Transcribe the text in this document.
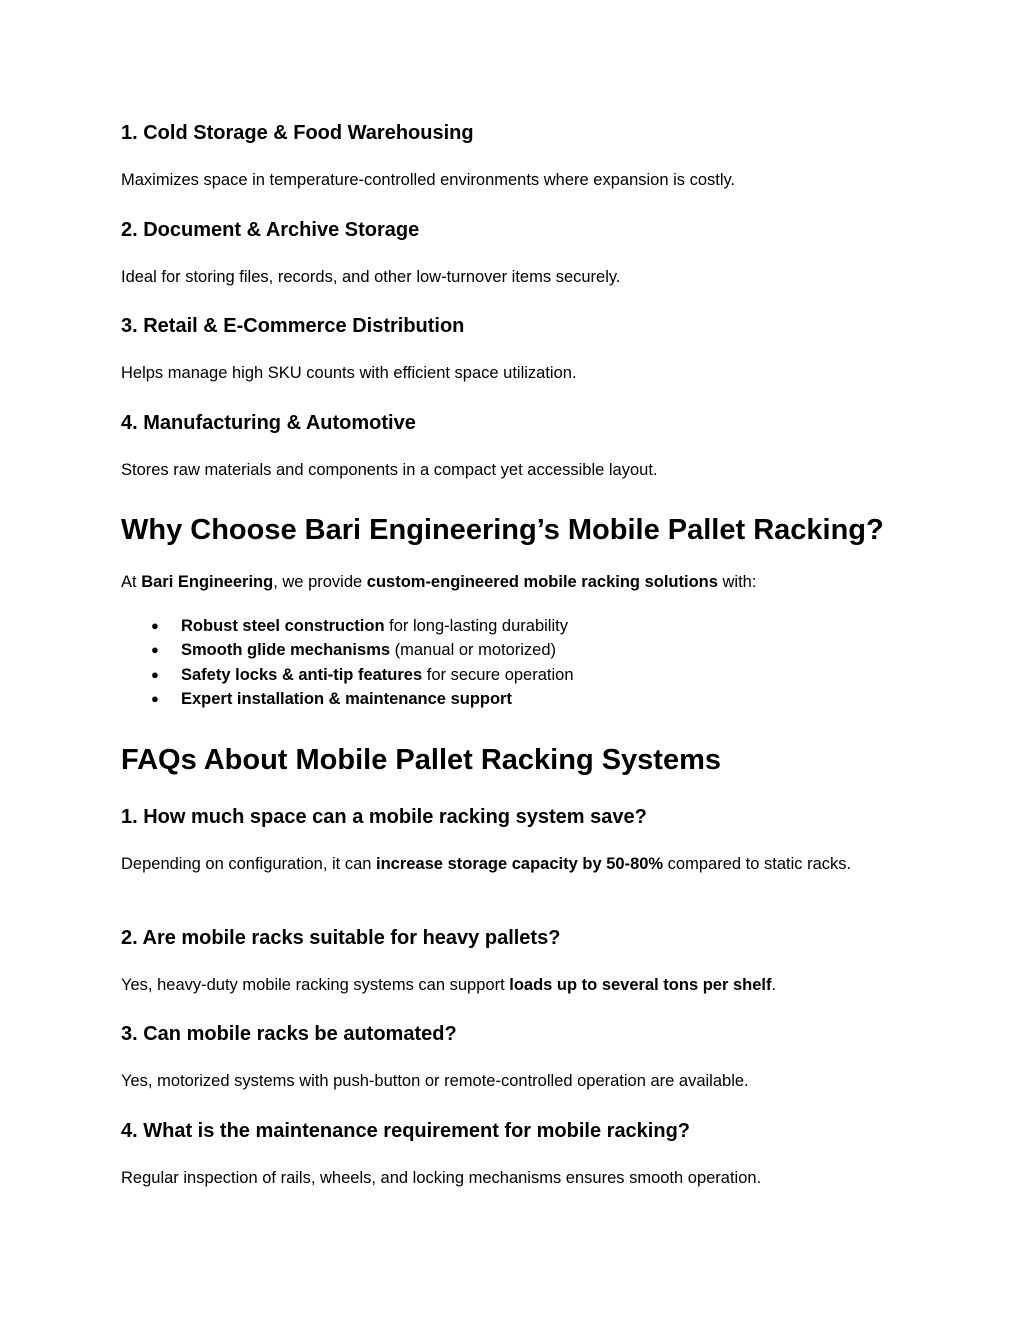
1. Cold Storage & Food Warehousing

Maximizes space in temperature-controlled environments where expansion is costly.

2. Document & Archive Storage

Ideal for storing files, records, and other low-turnover items securely.

3. Retail & E-Commerce Distribution

Helps manage high SKU counts with efficient space utilization.

4. Manufacturing & Automotive

Stores raw materials and components in a compact yet accessible layout.

Why Choose Bari Engineering’s Mobile Pallet Racking?

At Bari Engineering, we provide custom-engineered mobile racking solutions with:

● Robust steel construction for long-lasting durability
● Smooth glide mechanisms (manual or motorized)
● Safety locks & anti-tip features for secure operation
● Expert installation & maintenance support
FAQs About Mobile Pallet Racking Systems
1. How much space can a mobile racking system save?

Depending on configuration, it can increase storage capacity by 50-80% compared to static racks.

2. Are mobile racks suitable for heavy pallets?

Yes, heavy-duty mobile racking systems can support loads up to several tons per shelf.

3. Can mobile racks be automated?

Yes, motorized systems with push-button or remote-controlled operation are available.

4. What is the maintenance requirement for mobile racking?

Regular inspection of rails, wheels, and locking mechanisms ensures smooth operation.
